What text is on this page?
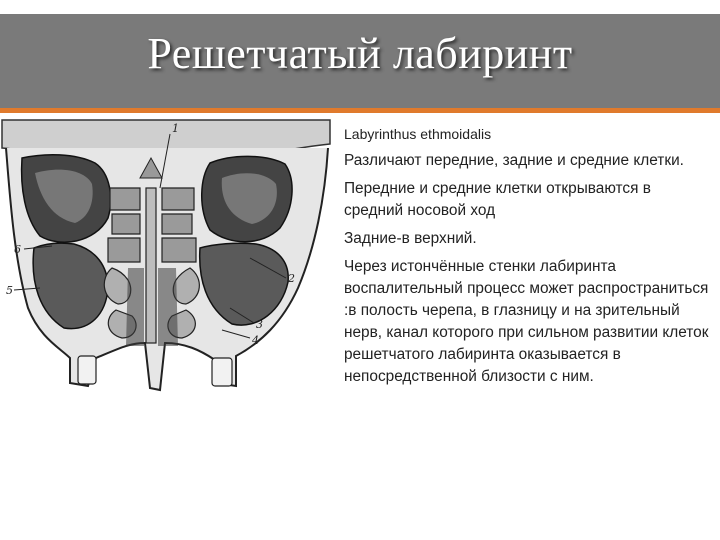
Решетчатый лабиринт
1
2
3
4
5
6

Labyrinthus ethmoidalis

Различают передние, задние и средние клетки.

Передние и средние клетки открываются в средний носовой ход

Задние-в верхний.

Через истончённые стенки лабиринта воспалительный процесс может распространиться :в полость черепа, в глазницу и на зрительный нерв, канал которого при сильном развитии клеток решетчатого лабиринта оказывается в непосредственной близости с ним.
